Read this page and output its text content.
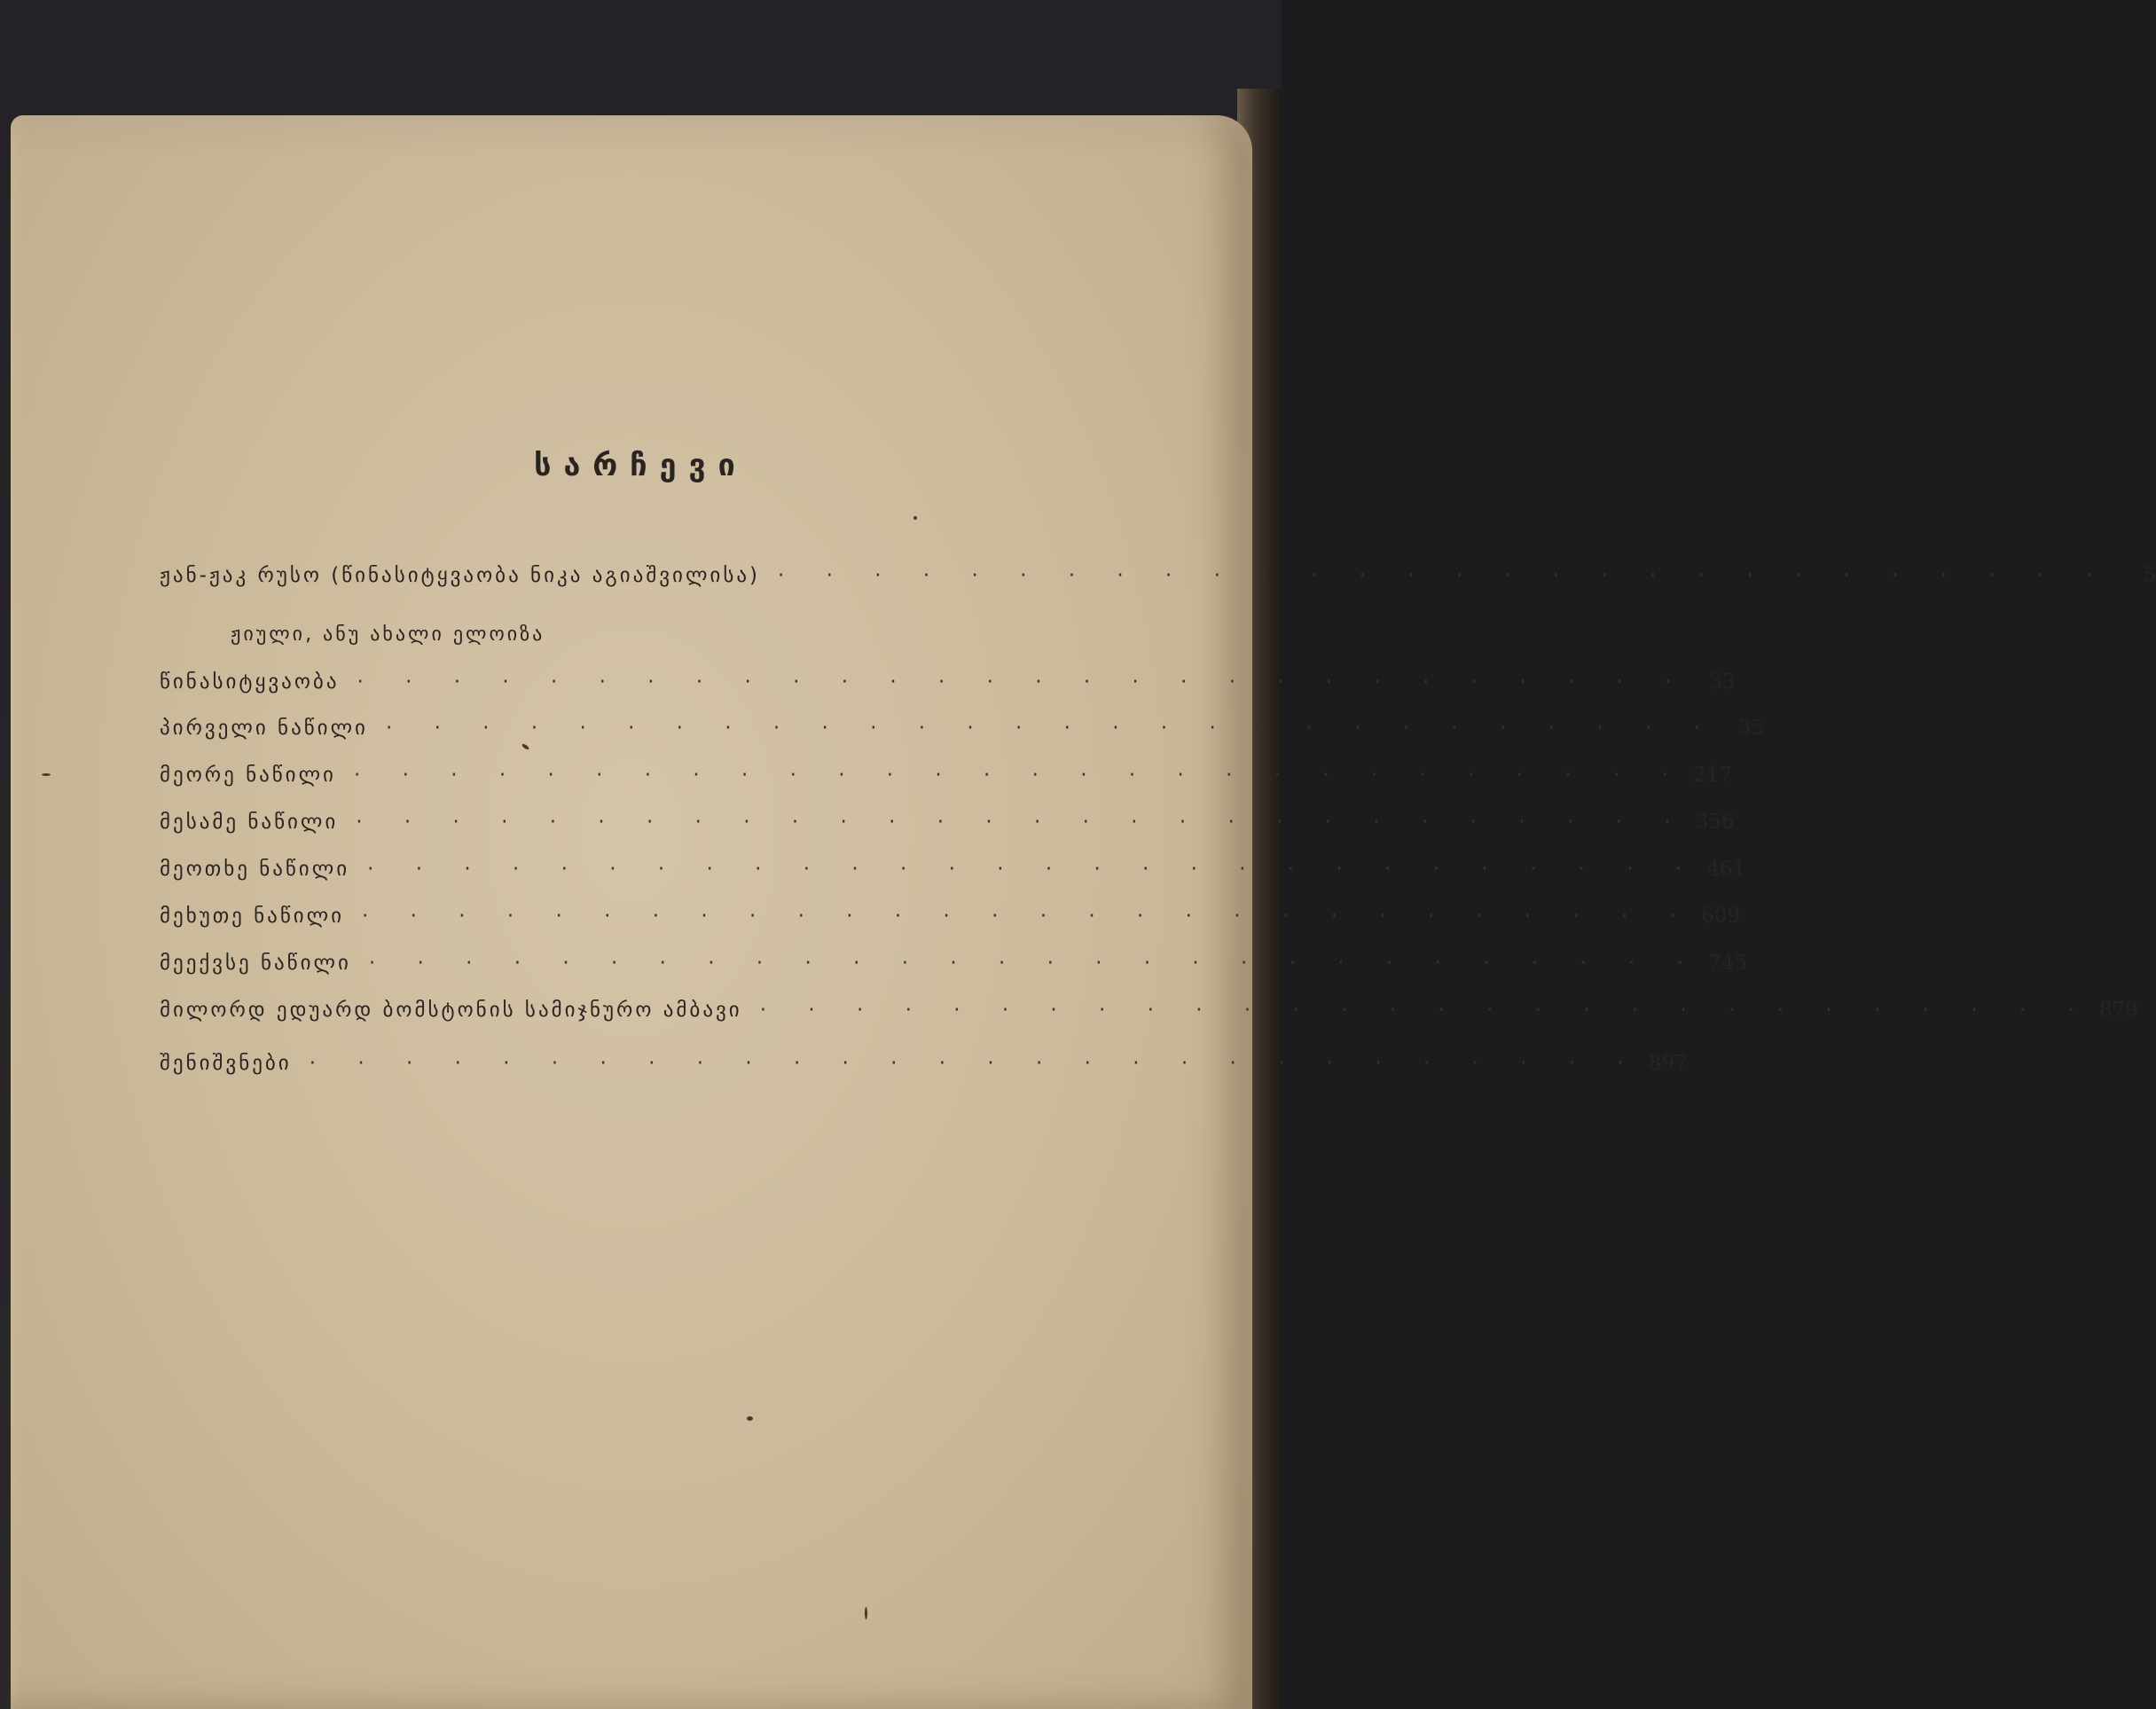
სარჩევი
ჟან-ჟაკ რუსო (წინასიტყვაობა ნიკა აგიაშვილისა) · · · · · · · · · · · · · · · · · · · · · · · · · · · ·	5
ჟიული, ანუ ახალი ელოიზა
წინასიტყვაობა · · · · · · · · · · · · · · · · · · · · · · · · · · · · 33
პირველი ნაწილი · · · · · · · · · · · · · · · · · · · · · · · · · · · · 35
მეორე ნაწილი · · · · · · · · · · · · · · · · · · · · · · · · · · · · 217
მესამე ნაწილი · · · · · · · · · · · · · · · · · · · · · · · · · · · · 356
მეოთხე ნაწილი · · · · · · · · · · · · · · · · · · · · · · · · · · · · 461
მეხუთე ნაწილი · · · · · · · · · · · · · · · · · · · · · · · · · · · · 609
მეექვსე ნაწილი · · · · · · · · · · · · · · · · · · · · · · · · · · · · 745
მილორდ ედუარდ ბომსტონის სამიჯნურო ამბავი · · · · · · · · · · · · · · · · · · · · · · · · · · · · 879
შენიშვნები · · · · · · · · · · · · · · · · · · · · · · · · · · · · 897
